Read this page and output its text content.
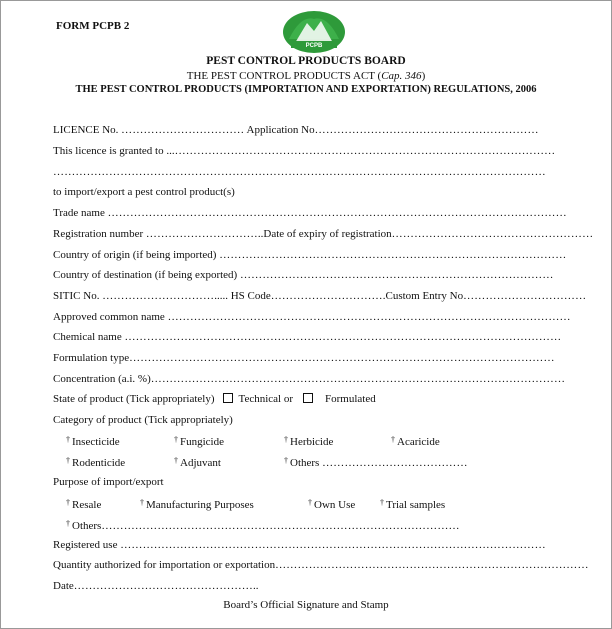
FORM PCPB 2
PCPB
PEST CONTROL PRODUCTS BOARD
THE PEST CONTROL PRODUCTS ACT (Cap. 346)
THE PEST CONTROL PRODUCTS (IMPORTATION AND EXPORTATION) REGULATIONS, 2006
LICENCE No. …………………………… Application No……………………………………………………
This licence is granted to ...…………………………………………………………………………………………
……………………………………………………………………………………………………………………
to import/export a pest control product(s)
Trade name ……………………………………………………………………………………………………………
Registration number …………………………..Date of expiry of registration………………………………………………
Country of origin (if being imported) …………………………………………………………………………………
Country of destination (if being exported) …………………………………………………………………………
SITIC No. …………………………..... HS Code………………………….Custom Entry No……………………………
Approved common name ………………………………………………………………………………………………
Chemical name ………………………………………………………………………………………………………
Formulation type……………………………………………………………………………………………………
Concentration (a.i. %)…………………………………………………………………………………………………
State of product (Tick appropriately) Technical or	Formulated
Category of product (Tick appropriately)
† Insecticide	† Fungicide	† Herbicide	† Acaricide
† Rodenticide	† Adjuvant	† Others …………………………………
Purpose of import/export
† Resale	† Manufacturing Purposes	† Own Use	† Trial samples
† Others……………………………………………………………………………………
Registered use ……………………………………………………………………………………………………
Quantity authorized for importation or exportation…………………………………………………………………………
Date…………………………………………..
Board’s Official Signature and Stamp
